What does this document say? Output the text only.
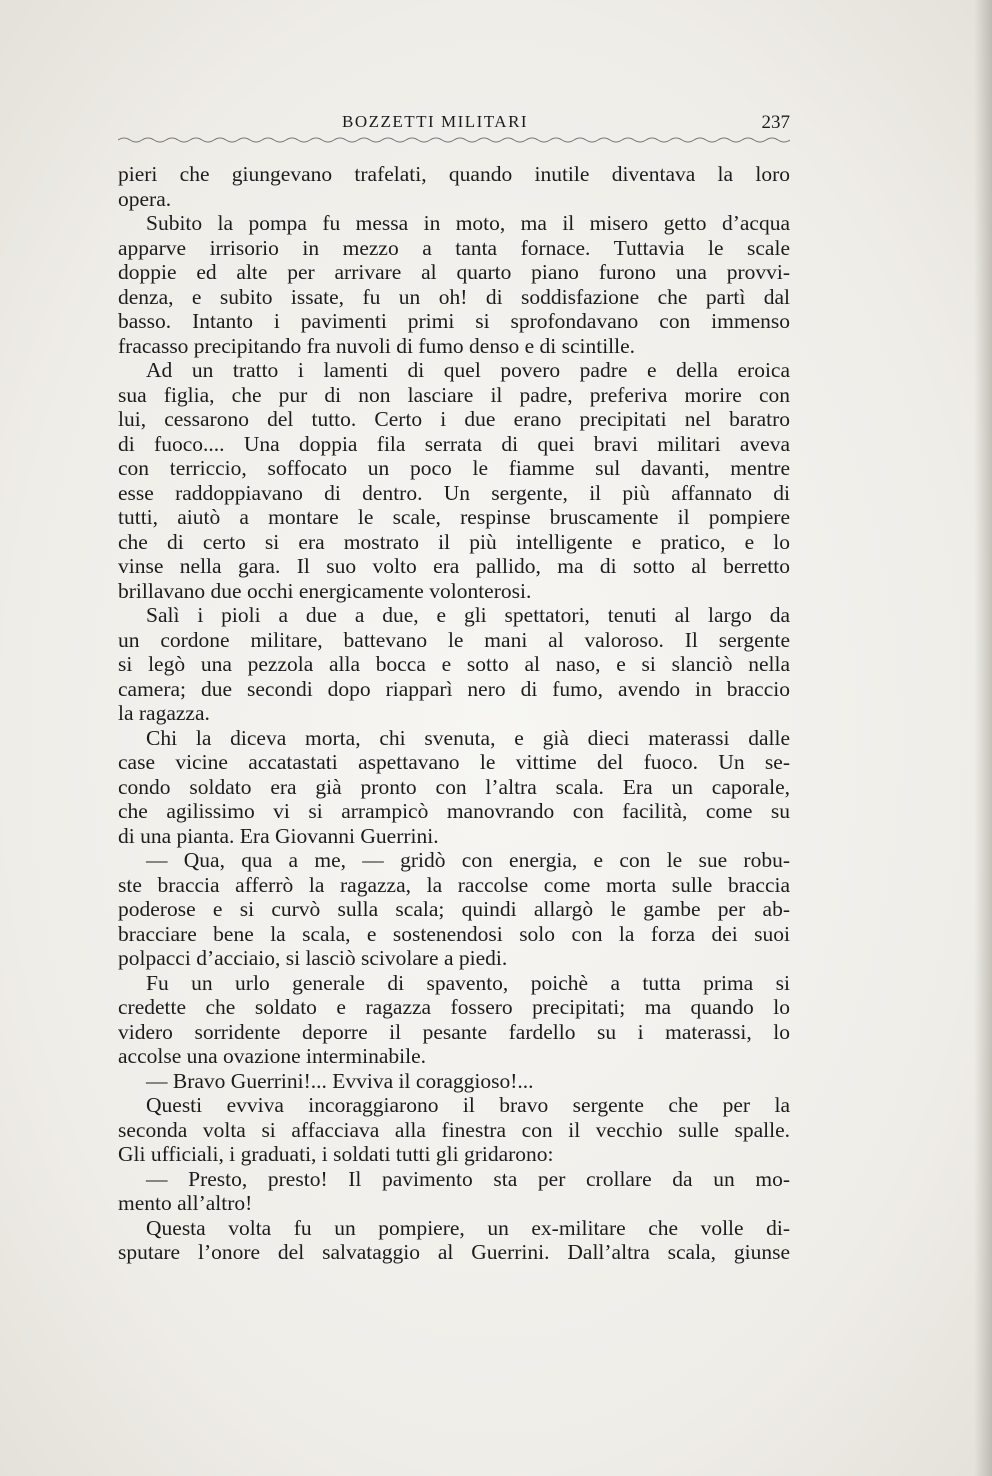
BOZZETTI MILITARI	237
pieri che giungevano trafelati, quando inutile diventava la loro
opera.
Subito la pompa fu messa in moto, ma il misero getto d’acqua
apparve irrisorio in mezzo a tanta fornace. Tuttavia le scale
doppie ed alte per arrivare al quarto piano furono una provvi-
denza, e subito issate, fu un oh! di soddisfazione che partì dal
basso. Intanto i pavimenti primi si sprofondavano con immenso
fracasso precipitando fra nuvoli di fumo denso e di scintille.
Ad un tratto i lamenti di quel povero padre e della eroica
sua figlia, che pur di non lasciare il padre, preferiva morire con
lui, cessarono del tutto. Certo i due erano precipitati nel baratro
di fuoco.... Una doppia fila serrata di quei bravi militari aveva
con terriccio, soffocato un poco le fiamme sul davanti, mentre
esse raddoppiavano di dentro. Un sergente, il più affannato di
tutti, aiutò a montare le scale, respinse bruscamente il pompiere
che di certo si era mostrato il più intelligente e pratico, e lo
vinse nella gara. Il suo volto era pallido, ma di sotto al berretto
brillavano due occhi energicamente volonterosi.
Salì i pioli a due a due, e gli spettatori, tenuti al largo da
un cordone militare, battevano le mani al valoroso. Il sergente
si legò una pezzola alla bocca e sotto al naso, e si slanciò nella
camera; due secondi dopo riapparì nero di fumo, avendo in braccio
la ragazza.
Chi la diceva morta, chi svenuta, e già dieci materassi dalle
case vicine accatastati aspettavano le vittime del fuoco. Un se-
condo soldato era già pronto con l’altra scala. Era un caporale,
che agilissimo vi si arrampicò manovrando con facilità, come su
di una pianta. Era Giovanni Guerrini.
— Qua, qua a me, — gridò con energia, e con le sue robu-
ste braccia afferrò la ragazza, la raccolse come morta sulle braccia
poderose e si curvò sulla scala; quindi allargò le gambe per ab-
bracciare bene la scala, e sostenendosi solo con la forza dei suoi
polpacci d’acciaio, si lasciò scivolare a piedi.
Fu un urlo generale di spavento, poichè a tutta prima si
credette che soldato e ragazza fossero precipitati; ma quando lo
videro sorridente deporre il pesante fardello su i materassi, lo
accolse una ovazione interminabile.
— Bravo Guerrini!... Evviva il coraggioso!...
Questi evviva incoraggiarono il bravo sergente che per la
seconda volta si affacciava alla finestra con il vecchio sulle spalle.
Gli ufficiali, i graduati, i soldati tutti gli gridarono:
— Presto, presto! Il pavimento sta per crollare da un mo-
mento all’altro!
Questa volta fu un pompiere, un ex-militare che volle di-
sputare l’onore del salvataggio al Guerrini. Dall’altra scala, giunse
